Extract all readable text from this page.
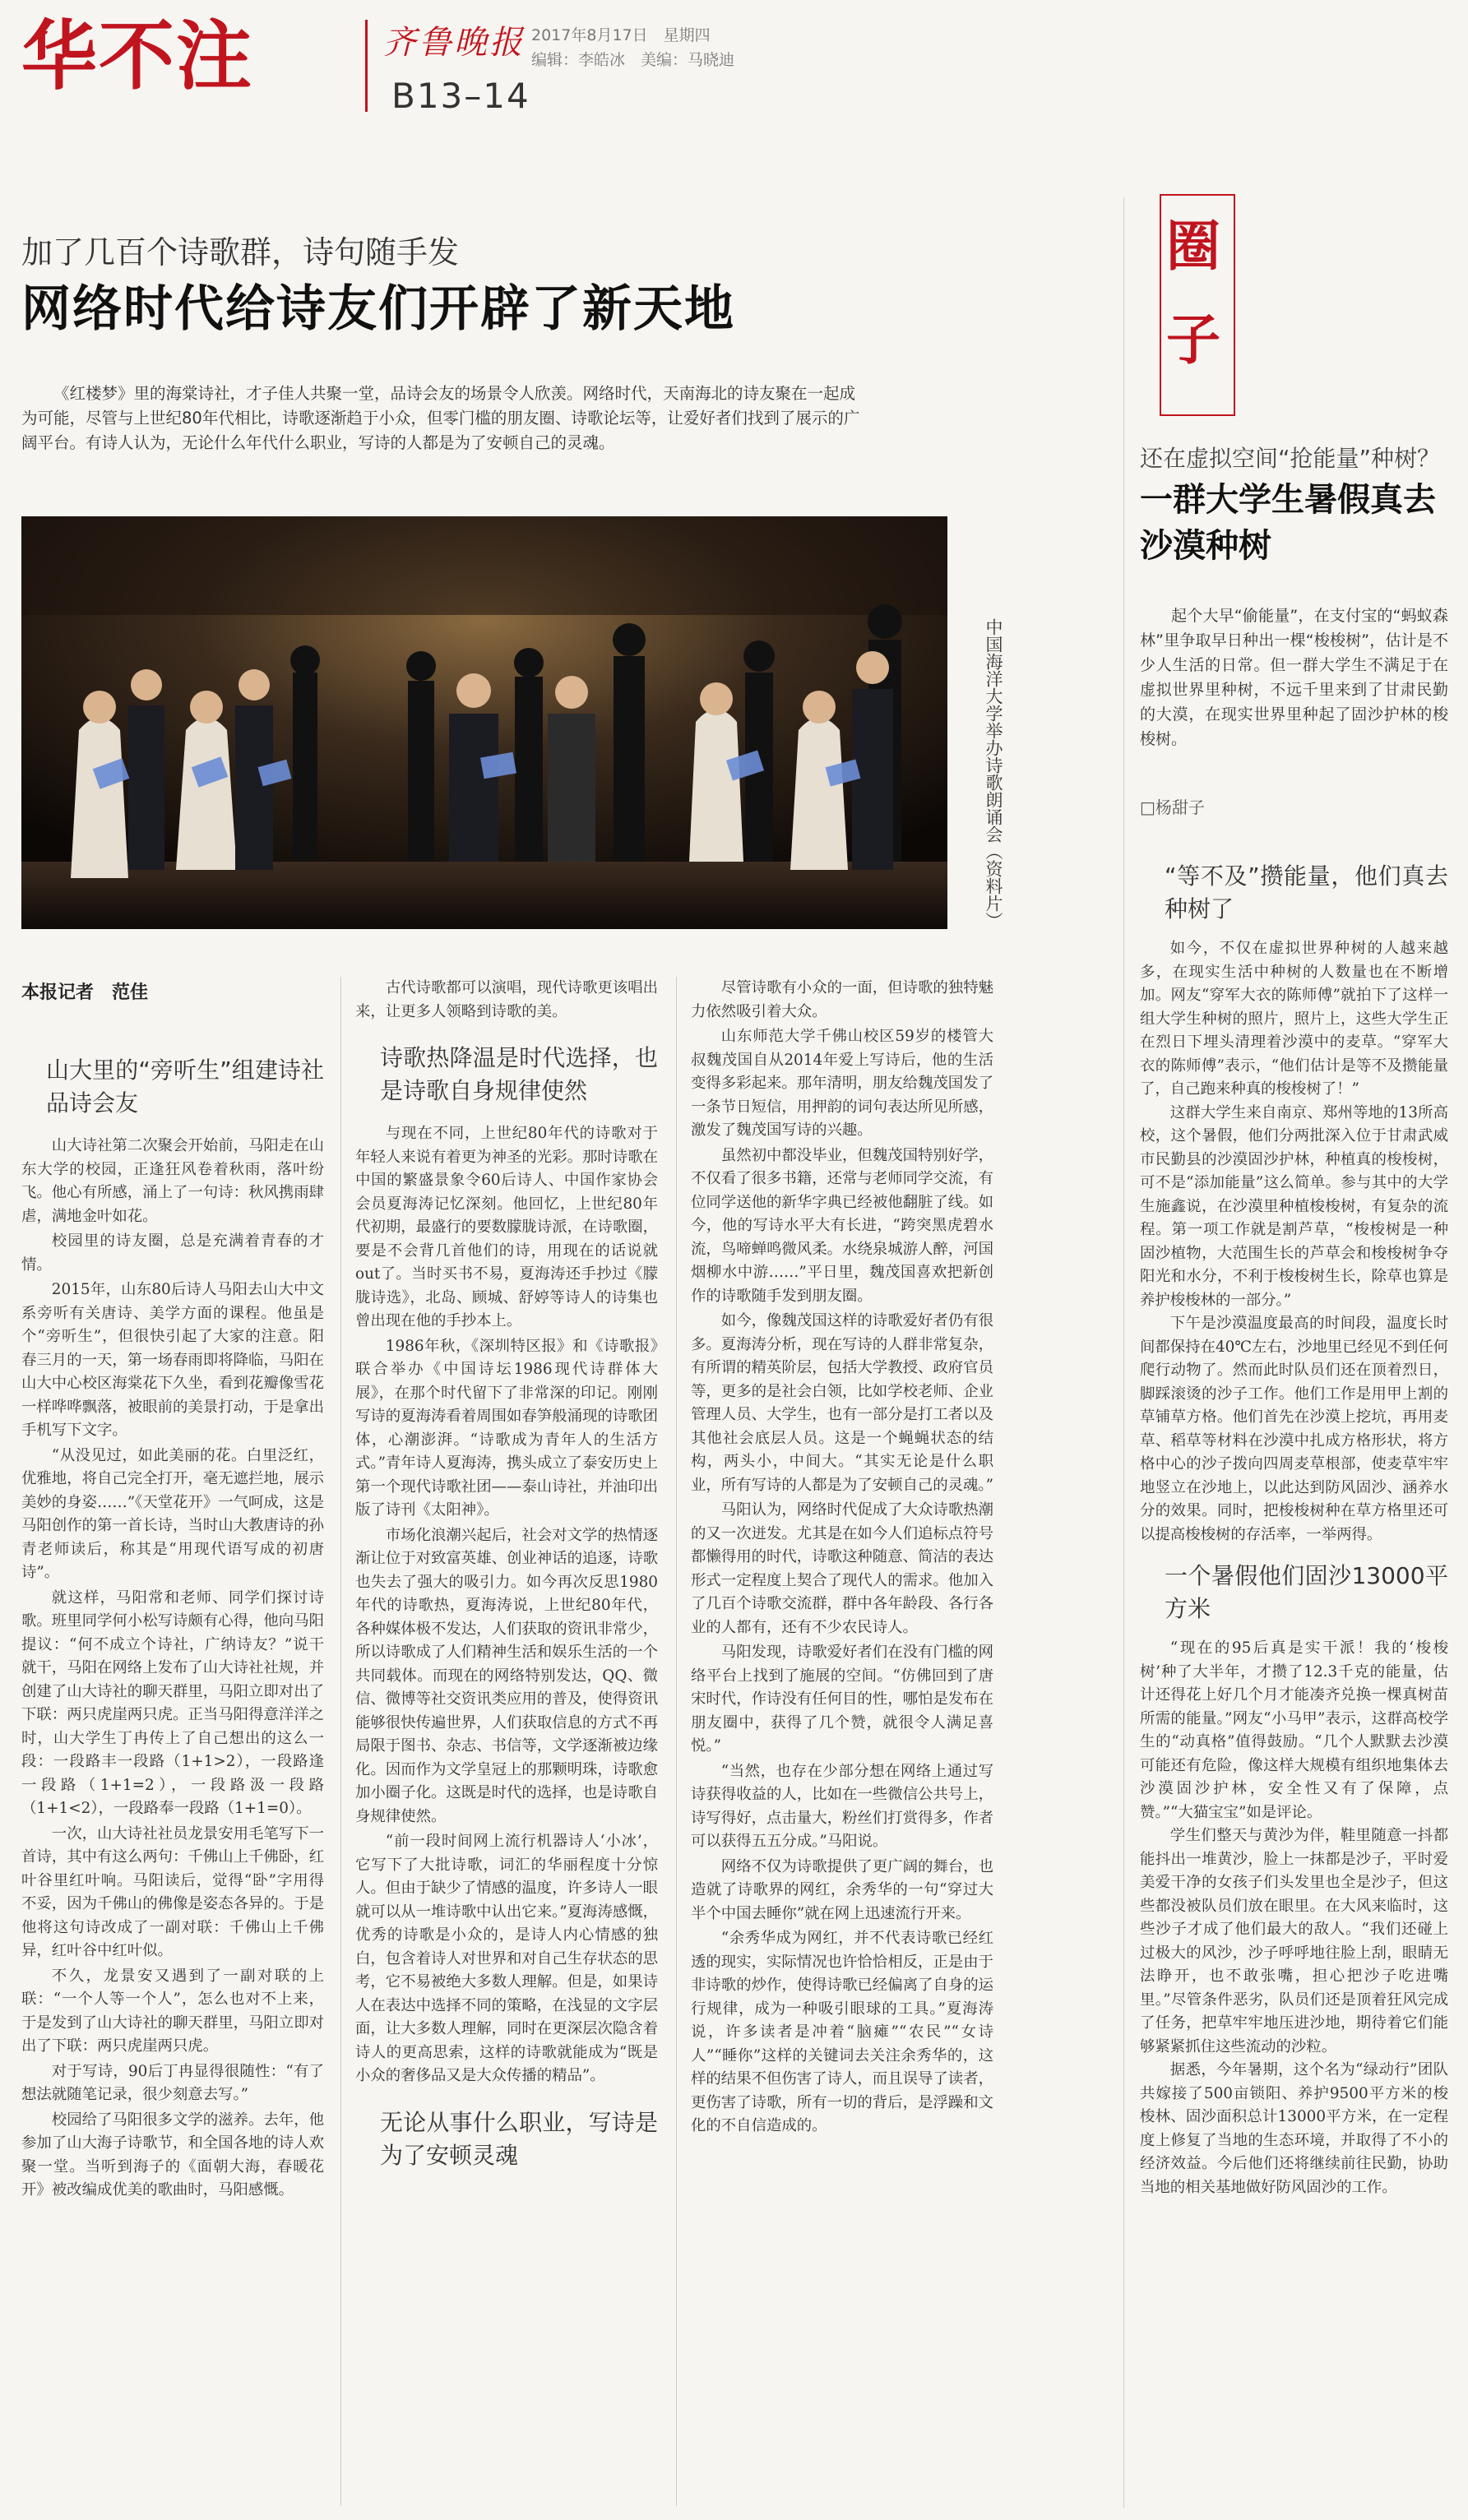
华不注	齐鲁晚报 2017年8月17日　星期四
编辑：李皓冰　美编：马晓迪
B13–14
加了几百个诗歌群，诗句随手发
网络时代给诗友们开辟了新天地
《红楼梦》里的海棠诗社，才子佳人共聚一堂，品诗会友的场景令人欣羡。网络时代，天南海北的诗友聚在一起成为可能，尽管与上世纪80年代相比，诗歌逐渐趋于小众，但零门槛的朋友圈、诗歌论坛等，让爱好者们找到了展示的广阔平台。有诗人认为，无论什么年代什么职业，写诗的人都是为了安顿自己的灵魂。
中国海洋大学举办诗歌朗诵会（资料片）
本报记者　范佳
山大里的“旁听生”组建诗社品诗会友

山大诗社第二次聚会开始前，马阳走在山东大学的校园，正逢狂风卷着秋雨，落叶纷飞。他心有所感，涌上了一句诗：秋风携雨肆虐，满地金叶如花。

校园里的诗友圈，总是充满着青春的才情。

2015年，山东80后诗人马阳去山大中文系旁听有关唐诗、美学方面的课程。他虽是个“旁听生”，但很快引起了大家的注意。阳春三月的一天，第一场春雨即将降临，马阳在山大中心校区海棠花下久坐，看到花瓣像雪花一样哗哗飘落，被眼前的美景打动，于是拿出手机写下文字。

“从没见过，如此美丽的花。白里泛红，优雅地，将自己完全打开，毫无遮拦地，展示美妙的身姿……”《天堂花开》一气呵成，这是马阳创作的第一首长诗，当时山大教唐诗的孙青老师读后，称其是“用现代语写成的初唐诗”。

就这样，马阳常和老师、同学们探讨诗歌。班里同学何小松写诗颇有心得，他向马阳提议：“何不成立个诗社，广纳诗友？”说干就干，马阳在网络上发布了山大诗社社规，并创建了山大诗社的聊天群里，马阳立即对出了下联：两只虎崖两只虎。正当马阳得意洋洋之时，山大学生丁冉传上了自己想出的这么一段：一段路丰一段路（1+1>2），一段路逢一段路（1+1=2），一段路汲一段路（1+1<2），一段路奉一段路（1+1=0）。

一次，山大诗社社员龙景安用毛笔写下一首诗，其中有这么两句：千佛山上千佛卧，红叶谷里红叶响。马阳读后，觉得“卧”字用得不妥，因为千佛山的佛像是姿态各异的。于是他将这句诗改成了一副对联：千佛山上千佛异，红叶谷中红叶似。

不久，龙景安又遇到了一副对联的上联：“一个人等一个人”，怎么也对不上来，于是发到了山大诗社的聊天群里，马阳立即对出了下联：两只虎崖两只虎。

对于写诗，90后丁冉显得很随性：“有了想法就随笔记录，很少刻意去写。”

校园给了马阳很多文学的滋养。去年，他参加了山大海子诗歌节，和全国各地的诗人欢聚一堂。当听到海子的《面朝大海，春暖花开》被改编成优美的歌曲时，马阳感慨。

古代诗歌都可以演唱，现代诗歌更该唱出来，让更多人领略到诗歌的美。

诗歌热降温是时代选择，也是诗歌自身规律使然

与现在不同，上世纪80年代的诗歌对于年轻人来说有着更为神圣的光彩。那时诗歌在中国的繁盛景象令60后诗人、中国作家协会会员夏海涛记忆深刻。他回忆，上世纪80年代初期，最盛行的要数朦胧诗派，在诗歌圈，要是不会背几首他们的诗，用现在的话说就out了。当时买书不易，夏海涛还手抄过《朦胧诗选》，北岛、顾城、舒婷等诗人的诗集也曾出现在他的手抄本上。

1986年秋，《深圳特区报》和《诗歌报》联合举办《中国诗坛1986现代诗群体大展》，在那个时代留下了非常深的印记。刚刚写诗的夏海涛看着周围如春笋般涌现的诗歌团体，心潮澎湃。“诗歌成为青年人的生活方式。”青年诗人夏海涛，携头成立了泰安历史上第一个现代诗歌社团——泰山诗社，并油印出版了诗刊《太阳神》。

市场化浪潮兴起后，社会对文学的热情逐渐让位于对致富英雄、创业神话的追逐，诗歌也失去了强大的吸引力。如今再次反思1980年代的诗歌热，夏海涛说，上世纪80年代，各种媒体极不发达，人们获取的资讯非常少，所以诗歌成了人们精神生活和娱乐生活的一个共同载体。而现在的网络特别发达，QQ、微信、微博等社交资讯类应用的普及，使得资讯能够很快传遍世界，人们获取信息的方式不再局限于图书、杂志、书信等，文学逐渐被边缘化。因而作为文学皇冠上的那颗明珠，诗歌愈加小圈子化。这既是时代的选择，也是诗歌自身规律使然。

“前一段时间网上流行机器诗人‘小冰’，它写下了大批诗歌，词汇的华丽程度十分惊人。但由于缺少了情感的温度，许多诗人一眼就可以从一堆诗歌中认出它来。”夏海涛感慨，优秀的诗歌是小众的，是诗人内心情感的独白，包含着诗人对世界和对自己生存状态的思考，它不易被绝大多数人理解。但是，如果诗人在表达中选择不同的策略，在浅显的文字层面，让大多数人理解，同时在更深层次隐含着诗人的更高思索，这样的诗歌就能成为“既是小众的奢侈品又是大众传播的精品”。

无论从事什么职业，写诗是为了安顿灵魂

尽管诗歌有小众的一面，但诗歌的独特魅力依然吸引着大众。

山东师范大学千佛山校区59岁的楼管大叔魏茂国自从2014年爱上写诗后，他的生活变得多彩起来。那年清明，朋友给魏茂国发了一条节日短信，用押韵的词句表达所见所感，激发了魏茂国写诗的兴趣。

虽然初中都没毕业，但魏茂国特别好学，不仅看了很多书籍，还常与老师同学交流，有位同学送他的新华字典已经被他翻脏了线。如今，他的写诗水平大有长进，“跨突黑虎碧水流，鸟啼蝉鸣微风柔。水绕泉城游人醉，河国烟柳水中游……”平日里，魏茂国喜欢把新创作的诗歌随手发到朋友圈。

如今，像魏茂国这样的诗歌爱好者仍有很多。夏海涛分析，现在写诗的人群非常复杂，有所谓的精英阶层，包括大学教授、政府官员等，更多的是社会白领，比如学校老师、企业管理人员、大学生，也有一部分是打工者以及其他社会底层人员。这是一个蝇蝇状态的结构，两头小，中间大。“其实无论是什么职业，所有写诗的人都是为了安顿自己的灵魂。”

马阳认为，网络时代促成了大众诗歌热潮的又一次迸发。尤其是在如今人们追标点符号都懒得用的时代，诗歌这种随意、简洁的表达形式一定程度上契合了现代人的需求。他加入了几百个诗歌交流群，群中各年龄段、各行各业的人都有，还有不少农民诗人。

马阳发现，诗歌爱好者们在没有门槛的网络平台上找到了施展的空间。“仿佛回到了唐宋时代，作诗没有任何目的性，哪怕是发布在朋友圈中，获得了几个赞，就很令人满足喜悦。”

“当然，也存在少部分想在网络上通过写诗获得收益的人，比如在一些微信公共号上，诗写得好，点击量大，粉丝们打赏得多，作者可以获得五五分成。”马阳说。

网络不仅为诗歌提供了更广阔的舞台，也造就了诗歌界的网红，余秀华的一句“穿过大半个中国去睡你”就在网上迅速流行开来。

“余秀华成为网红，并不代表诗歌已经红透的现实，实际情况也许恰恰相反，正是由于非诗歌的炒作，使得诗歌已经偏离了自身的运行规律，成为一种吸引眼球的工具。”夏海涛说，许多读者是冲着“脑瘫”“农民”“女诗人”“睡你”这样的关键词去关注余秀华的，这样的结果不但伤害了诗人，而且误导了读者，更伤害了诗歌，所有一切的背后，是浮躁和文化的不自信造成的。

圈
子
还在虚拟空间“抢能量”种树？
一群大学生暑假真去沙漠种树
起个大早“偷能量”，在支付宝的“蚂蚁森林”里争取早日种出一棵“梭梭树”，估计是不少人生活的日常。但一群大学生不满足于在虚拟世界里种树，不远千里来到了甘肃民勤的大漠，在现实世界里种起了固沙护林的梭梭树。
□杨甜子
“等不及”攒能量，他们真去种树了

如今，不仅在虚拟世界种树的人越来越多，在现实生活中种树的人数量也在不断增加。网友“穿军大衣的陈师傅”就拍下了这样一组大学生种树的照片，照片上，这些大学生正在烈日下埋头清理着沙漠中的麦草。“穿军大衣的陈师傅”表示，“他们估计是等不及攒能量了，自己跑来种真的梭梭树了！”

这群大学生来自南京、郑州等地的13所高校，这个暑假，他们分两批深入位于甘肃武威市民勤县的沙漠固沙护林，种植真的梭梭树，可不是“添加能量”这么简单。参与其中的大学生施鑫说，在沙漠里种植梭梭树，有复杂的流程。第一项工作就是割芦草，“梭梭树是一种固沙植物，大范围生长的芦草会和梭梭树争夺阳光和水分，不利于梭梭树生长，除草也算是养护梭梭林的一部分。”

下午是沙漠温度最高的时间段，温度长时间都保持在40℃左右，沙地里已经见不到任何爬行动物了。然而此时队员们还在顶着烈日，脚踩滚烫的沙子工作。他们工作是用甲上割的草铺草方格。他们首先在沙漠上挖坑，再用麦草、稻草等材料在沙漠中扎成方格形状，将方格中心的沙子拨向四周麦草根部，使麦草牢牢地竖立在沙地上，以此达到防风固沙、涵养水分的效果。同时，把梭梭树种在草方格里还可以提高梭梭树的存活率，一举两得。

一个暑假他们固沙13000平方米

“现在的95后真是实干派！我的‘梭梭树’种了大半年，才攒了12.3千克的能量，估计还得花上好几个月才能凑齐兑换一棵真树苗所需的能量。”网友“小马甲”表示，这群高校学生的“动真格”值得鼓励。“几个人默默去沙漠可能还有危险，像这样大规模有组织地集体去沙漠固沙护林，安全性又有了保障，点赞。”“大猫宝宝”如是评论。

学生们整天与黄沙为伴，鞋里随意一抖都能抖出一堆黄沙，脸上一抹都是沙子，平时爱美爱干净的女孩子们头发里也全是沙子，但这些都没被队员们放在眼里。在大风来临时，这些沙子才成了他们最大的敌人。“我们还碰上过极大的风沙，沙子呼呼地往脸上刮，眼睛无法睁开，也不敢张嘴，担心把沙子吃进嘴里。”尽管条件恶劣，队员们还是顶着狂风完成了任务，把草牢牢地压进沙地，期待着它们能够紧紧抓住这些流动的沙粒。

据悉，今年暑期，这个名为“绿动行”团队共嫁接了500亩锁阳、养护9500平方米的梭梭林、固沙面积总计13000平方米，在一定程度上修复了当地的生态环境，并取得了不小的经济效益。今后他们还将继续前往民勤，协助当地的相关基地做好防风固沙的工作。
